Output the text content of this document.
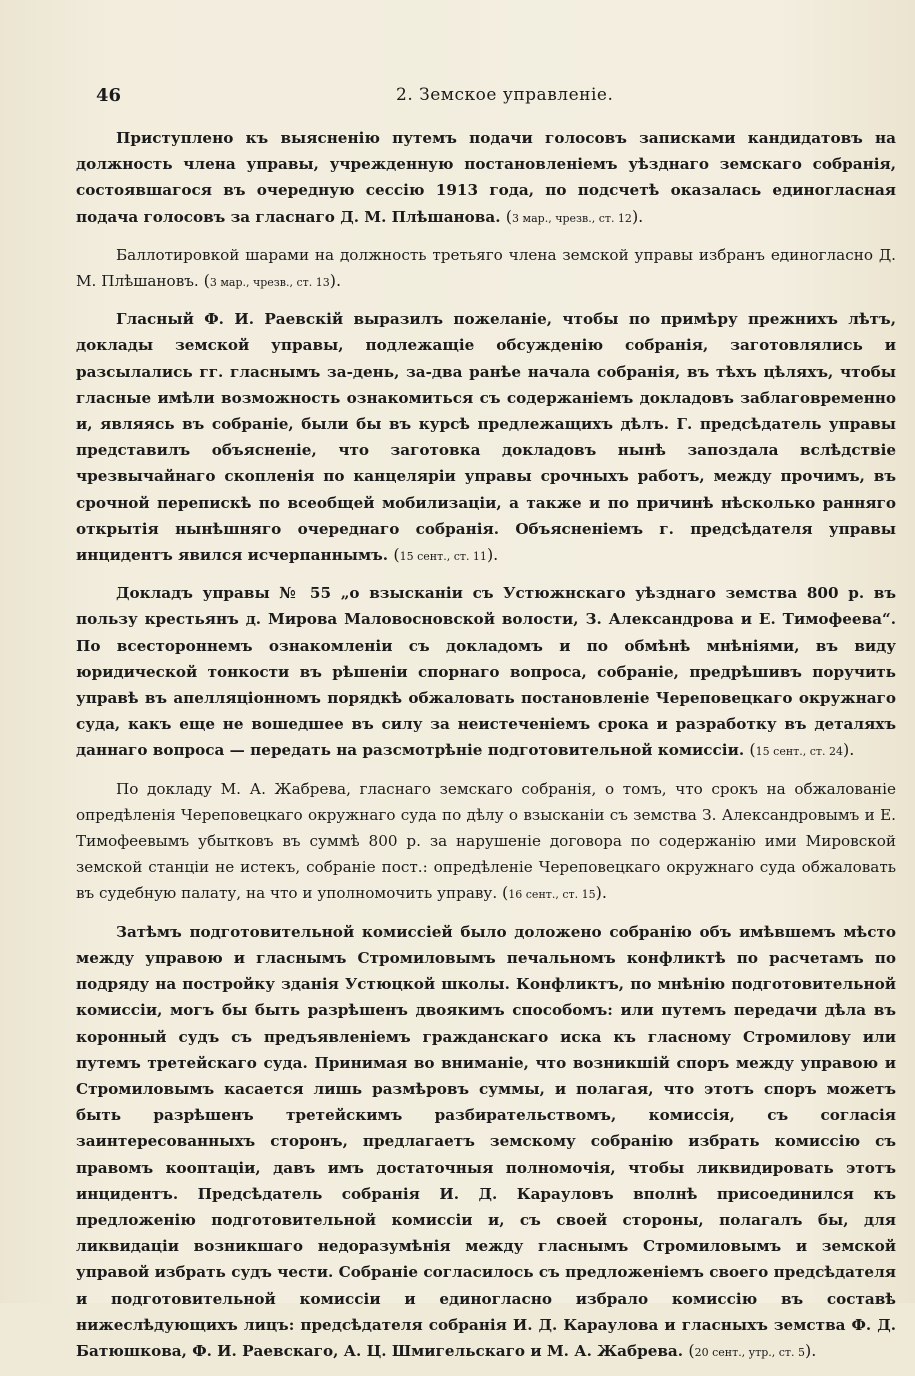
46	2. Земское управленіе.

Приступлено къ выясненію путемъ подачи голосовъ записками кандидатовъ на должность члена управы, учрежденную постановленіемъ уѣзднаго земскаго собранія, состоявшагося въ очередную сессію 1913 года, по подсчетѣ оказалась единогласная подача голосовъ за гласнаго Д. М. Плѣшанова. ( 3 мар., чрезв., ст. 12 ).

Баллотировкой шарами на должность третьяго члена земской управы избранъ единогласно Д. М. Плѣшановъ. ( 3 мар., чрезв., ст. 13 ).

Гласный Ф. И. Раевскій выразилъ пожеланіе, чтобы по примѣру прежнихъ лѣтъ, доклады земской управы, подлежащіе обсужденію собранія, заготовлялись и разсылались гг. гласнымъ за-день, за-два ранѣе начала собранія, въ тѣхъ цѣляхъ, чтобы гласные имѣли возможность ознакомиться съ содержаніемъ докладовъ заблаговременно и, являясь въ собраніе, были бы въ курсѣ предлежащихъ дѣлъ. Г. предсѣдатель управы представилъ объясненіе, что заготовка докладовъ нынѣ запоздала вслѣдствіе чрезвычайнаго скопленія по канцеляріи управы срочныхъ работъ, между прочимъ, въ срочной перепискѣ по всеобщей мобилизаціи, а также и по причинѣ нѣсколько ранняго открытія нынѣшняго очереднаго собранія. Объясненіемъ г. предсѣдателя управы инцидентъ явился исчерпаннымъ. ( 15 сент., ст. 11 ).

Докладъ управы № 55 „о взысканіи съ Устюжнскаго уѣзднаго земства 800 р. въ пользу крестьянъ д. Мирова Маловосновской волости, З. Александрова и Е. Тимофеева“. По всестороннемъ ознакомленіи съ докладомъ и по обмѣнѣ мнѣніями, въ виду юридической тонкости въ рѣшеніи спорнаго вопроса, собраніе, предрѣшивъ поручить управѣ въ апелляціонномъ порядкѣ обжаловать постановленіе Череповецкаго окружнаго суда, какъ еще не вошедшее въ силу за неистеченіемъ срока и разработку въ деталяхъ даннаго вопроса — передать на разсмотрѣніе подготовительной комиссіи. ( 15 сент., ст. 24 ).

По докладу М. А. Жабрева, гласнаго земскаго собранія, о томъ, что срокъ на обжалованіе опредѣленія Череповецкаго окружнаго суда по дѣлу о взысканіи съ земства З. Александровымъ и Е. Тимофеевымъ убытковъ въ суммѣ 800 р. за нарушеніе договора по содержанію ими Мировской земской станціи не истекъ, собраніе пост.: опредѣленіе Череповецкаго окружнаго суда обжаловать въ судебную палату, на что и уполномочить управу. ( 16 сент., ст. 15 ).

Затѣмъ подготовительной комиссіей было доложено собранію объ имѣвшемъ мѣсто между управою и гласнымъ Стромиловымъ печальномъ конфликтѣ по расчетамъ по подряду на постройку зданія Устюцкой школы. Конфликтъ, по мнѣнію подготовительной комиссіи, могъ бы быть разрѣшенъ двоякимъ способомъ: или путемъ передачи дѣла въ коронный судъ съ предъявленіемъ гражданскаго иска къ гласному Стромилову или путемъ третейскаго суда. Принимая во вниманіе, что возникшій споръ между управою и Стромиловымъ касается лишь размѣровъ суммы, и полагая, что этотъ споръ можетъ быть разрѣшенъ третейскимъ разбирательствомъ, комиссія, съ согласія заинтересованныхъ сторонъ, предлагаетъ земскому собранію избрать комиссію съ правомъ кооптаціи, давъ имъ достаточныя полномочія, чтобы ликвидировать этотъ инцидентъ. Предсѣдатель собранія И. Д. Карауловъ вполнѣ присоединился къ предложенію подготовительной комиссіи и, съ своей стороны, полагалъ бы, для ликвидаціи возникшаго недоразумѣнія между гласнымъ Стромиловымъ и земской управой избрать судъ чести. Собраніе согласилось съ предложеніемъ своего предсѣдателя и подготовительной комиссіи и единогласно избрало комиссію въ составѣ нижеслѣдующихъ лицъ: предсѣдателя собранія И. Д. Караулова и гласныхъ земства Ф. Д. Батюшкова, Ф. И. Раевскаго, А. Ц. Шмигельскаго и М. А. Жабрева. ( 20 сент., утр., ст. 5 ).
